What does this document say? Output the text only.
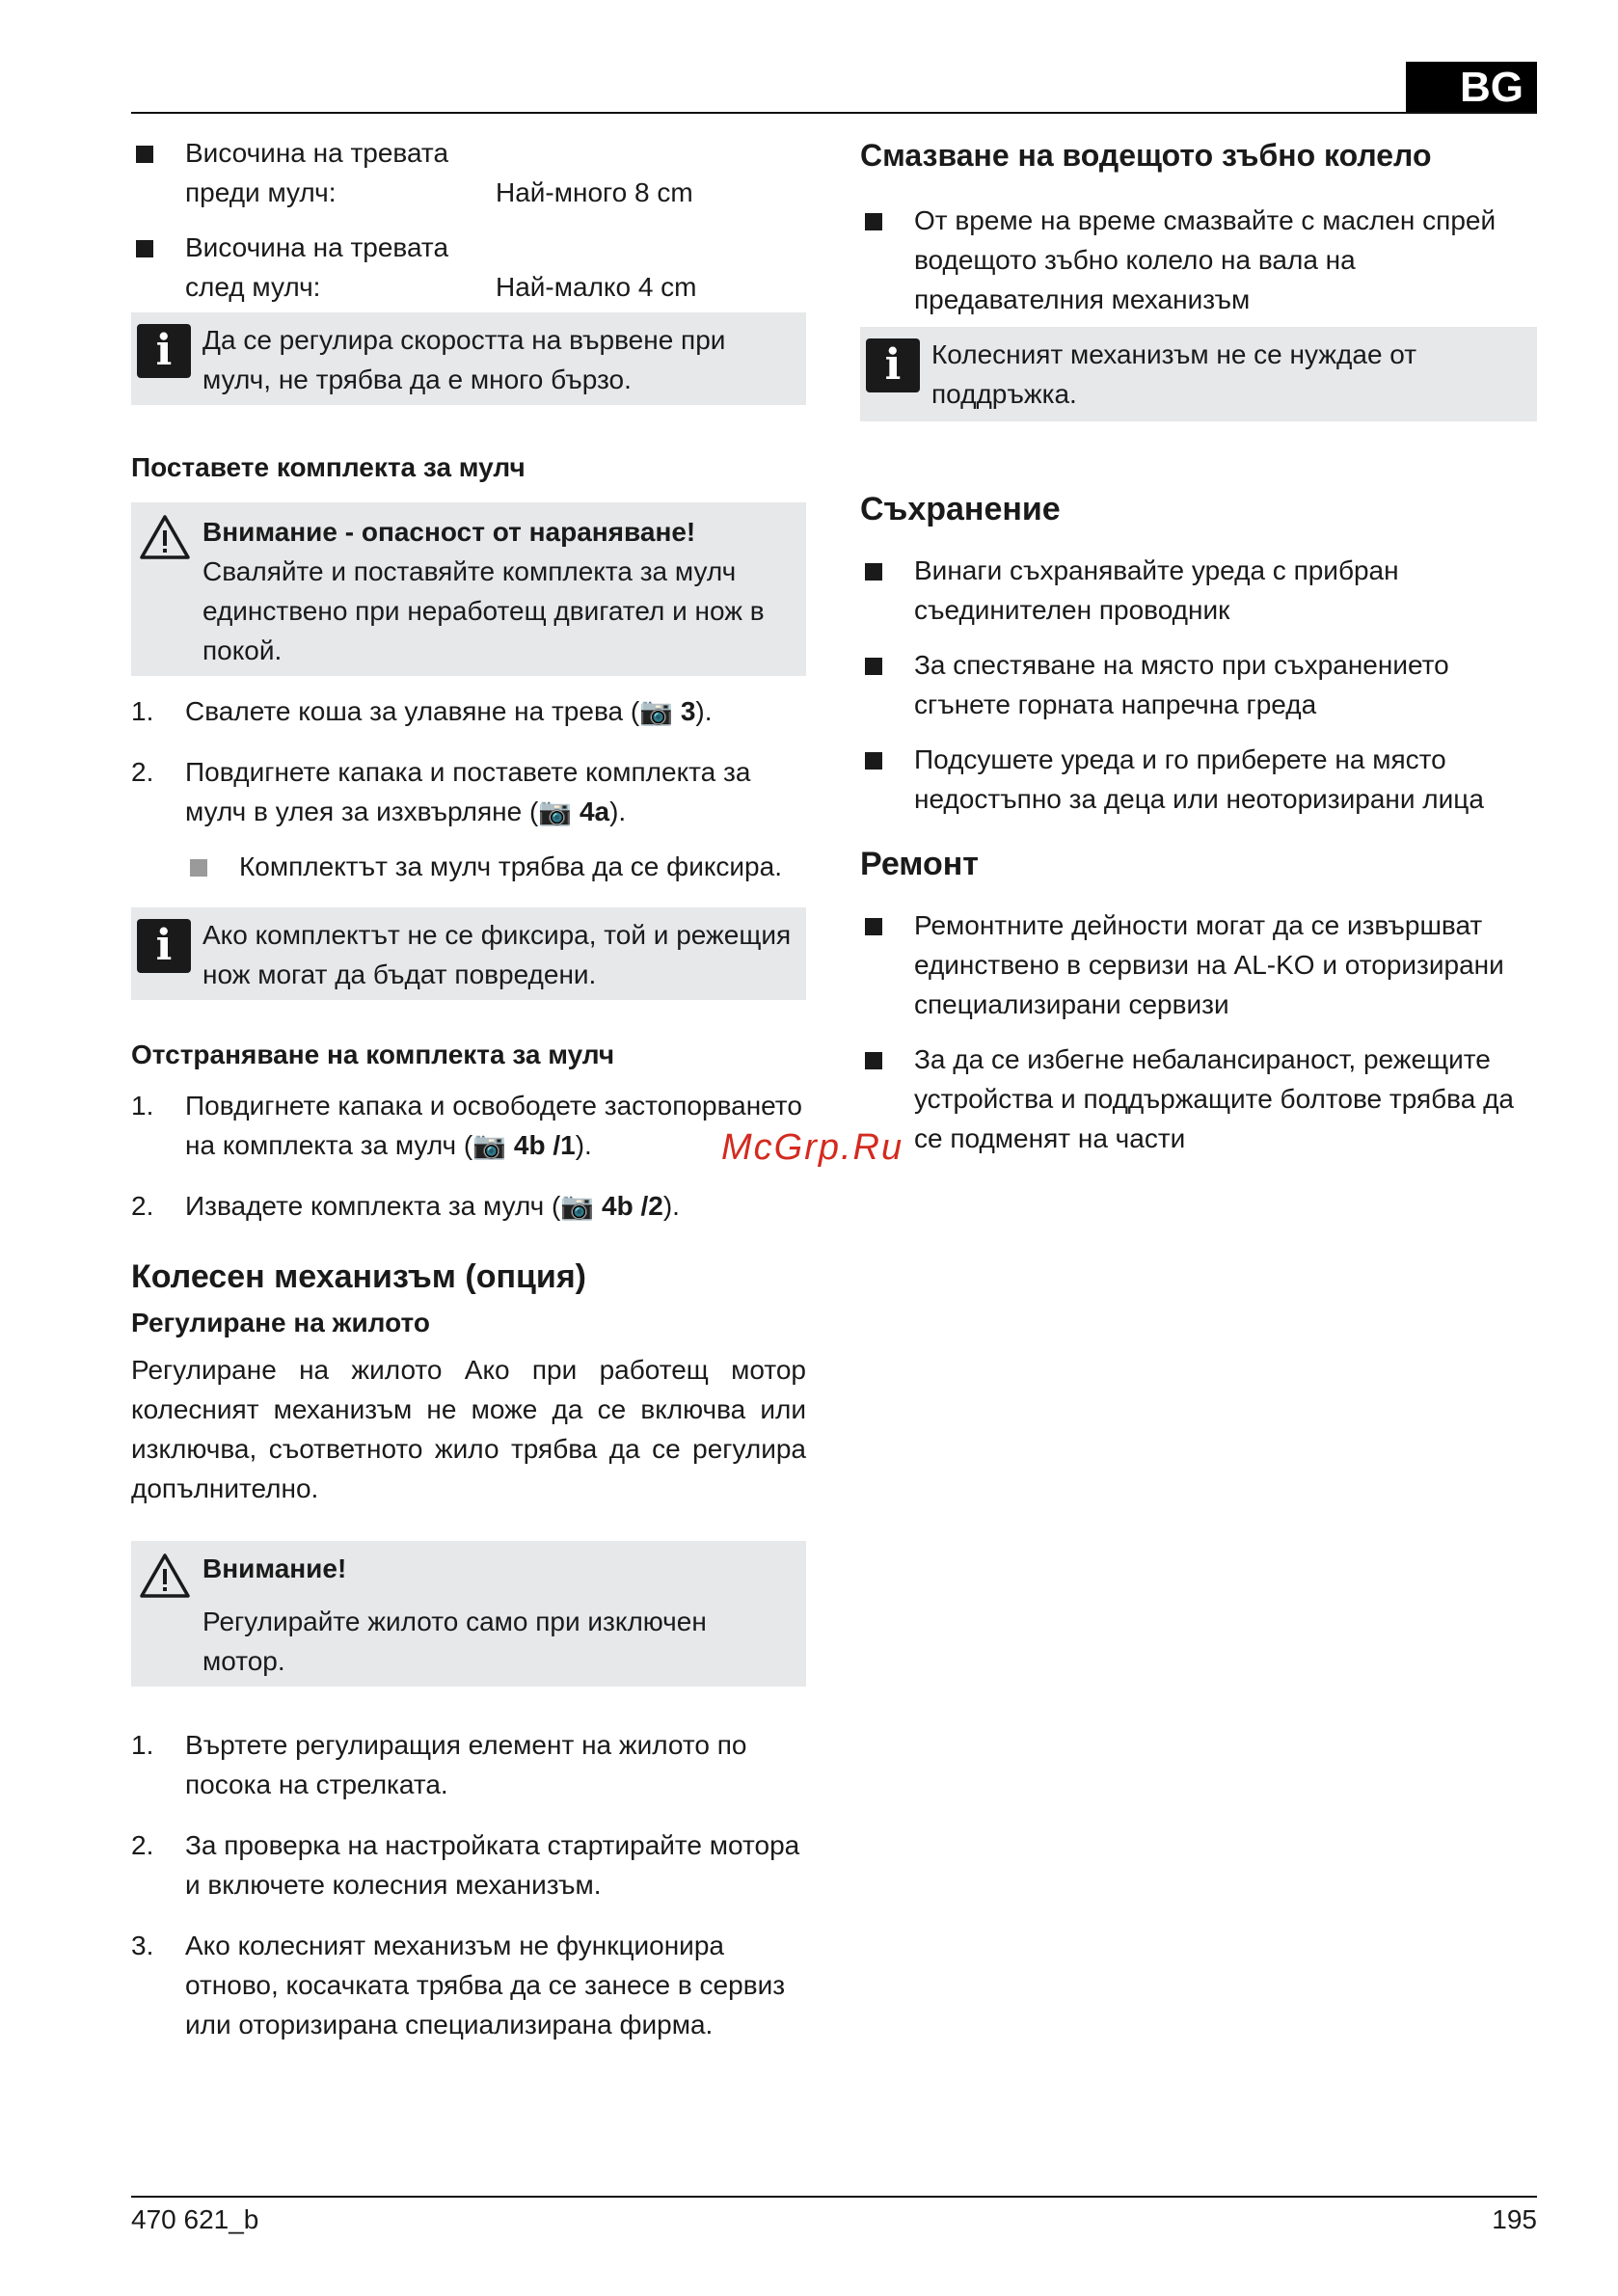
BG
Височина на тревата
преди мулч:	Най-много 8 cm
Височина на тревата
след мулч:	Най-малко 4 cm
i	Да се регулира скоростта на вървене при мулч, не трябва да е много бързо.
Поставете комплекта за мулч
Внимание - опасност от нараняване!
Сваляйте и поставяйте комплекта за мулч единствено при неработещ двигател и нож в покой.
1. Свалете коша за улавяне на трева (📷 3).
2. Повдигнете капака и поставете комплекта за мулч в улея за изхвърляне (📷 4a).
Комплектът за мулч трябва да се фиксира.
i	Ако комплектът не се фиксира, той и режещия нож могат да бъдат повредени.
Отстраняване на комплекта за мулч
1. Повдигнете капака и освободете застопорването на комплекта за мулч (📷 4b /1).
2. Извадете комплекта за мулч (📷 4b /2).
Колесен механизъм (опция)
Регулиране на жилото
Регулиране на жилото Ако при работещ мотор колесният механизъм не може да се включва или изключва, съответното жило трябва да се регулира допълнително.
Внимание!
Регулирайте жилото само при изключен мотор.
1. Въртете регулиращия елемент на жилото по посока на стрелката.
2. За проверка на настройката стартирайте мотора и включете колесния механизъм.
3. Ако колесният механизъм не функционира отново, косачката трябва да се занесе в сервиз или оторизирана специализирана фирма.
Смазване на водещото зъбно колело
От време на време смазвайте с маслен спрей водещото зъбно колело на вала на предавателния механизъм
i	Колесният механизъм не се нуждае от поддръжка.
Съхранение
Винаги съхранявайте уреда с прибран съединителен проводник
За спестяване на място при съхранението сгънете горната напречна греда
Подсушете уреда и го приберете на място недостъпно за деца или неоторизирани лица
Ремонт
Ремонтните дейности могат да се извършват единствено в сервизи на AL-KO и оторизирани специализирани сервизи
За да се избегне небалансираност, режещите устройства и поддържащите болтове трябва да се подменят на части
McGrp.Ru
470 621_b	195
